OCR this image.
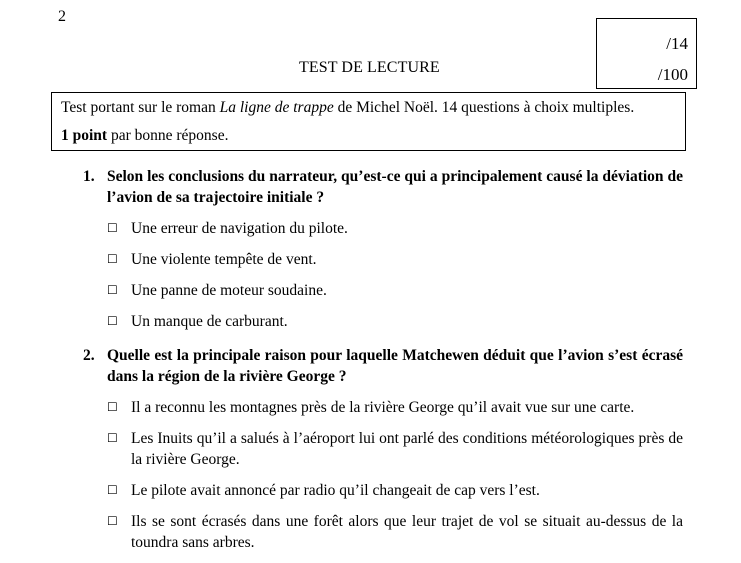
2
/14
/100
TEST DE LECTURE
Test portant sur le roman La ligne de trappe de Michel Noël. 14 questions à choix multiples.
1 point par bonne réponse.
1. Selon les conclusions du narrateur, qu’est-ce qui a principalement causé la déviation de l’avion de sa trajectoire initiale ?
☐ Une erreur de navigation du pilote.
☐ Une violente tempête de vent.
☐ Une panne de moteur soudaine.
☐ Un manque de carburant.
2. Quelle est la principale raison pour laquelle Matchewen déduit que l’avion s’est écrasé dans la région de la rivière George ?
☐ Il a reconnu les montagnes près de la rivière George qu’il avait vue sur une carte.
☐ Les Inuits qu’il a salués à l’aéroport lui ont parlé des conditions météorologiques près de la rivière George.
☐ Le pilote avait annoncé par radio qu’il changeait de cap vers l’est.
☐ Ils se sont écrasés dans une forêt alors que leur trajet de vol se situait au-dessus de la toundra sans arbres.
